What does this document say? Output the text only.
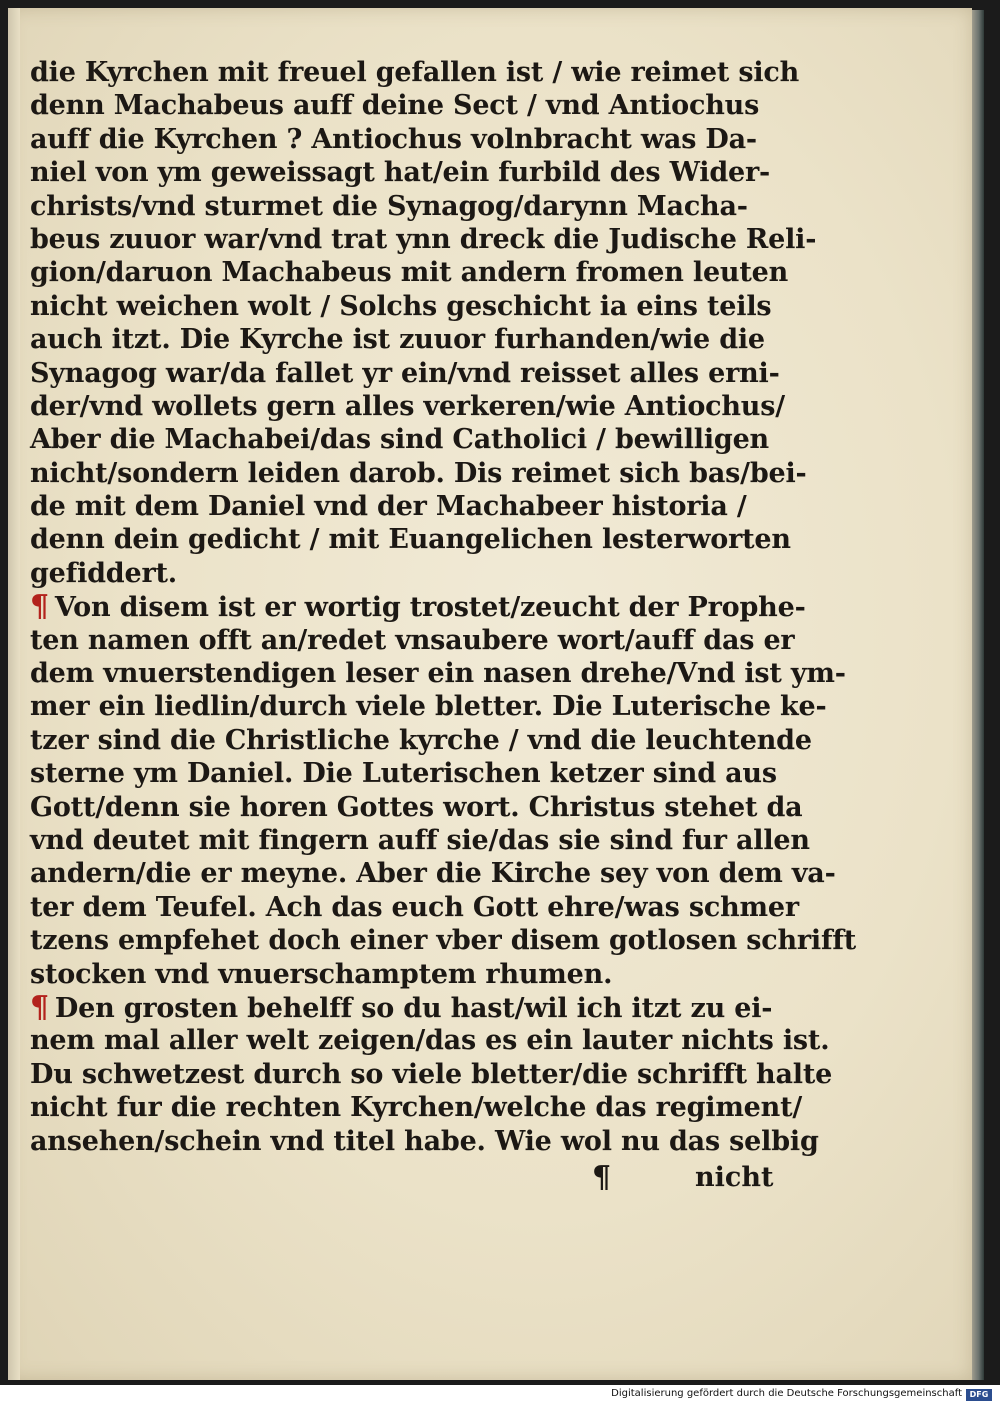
die Kyrchen mit freuel gefallen ist / wie reimet sich
denn Machabeus auff deine Sect / vnd Antiochus
auff die Kyrchen ? Antiochus volnbracht was Da-
niel von ym geweissagt hat/ein furbild des Wider-
christs/vnd sturmet die Synagog/darynn Macha-
beus zuuor war/vnd trat ynn dreck die Judische Reli-
gion/daruon Machabeus mit andern fromen leuten
nicht weichen wolt / Solchs geschicht ia eins teils
auch itzt. Die Kyrche ist zuuor furhanden/wie die
Synagog war/da fallet yr ein/vnd reisset alles erni-
der/vnd wollets gern alles verkeren/wie Antiochus/
Aber die Machabei/das sind Catholici / bewilligen
nicht/sondern leiden darob. Dis reimet sich bas/bei-
de mit dem Daniel vnd der Machabeer historia /
denn dein gedicht / mit Euangelichen lesterworten
gefiddert.
¶ Von disem ist er wortig trostet/zeucht der Prophe-
ten namen offt an/redet vnsaubere wort/auff das er
dem vnuerstendigen leser ein nasen drehe/Vnd ist ym-
mer ein liedlin/durch viele bletter. Die Luterische ke-
tzer sind die Christliche kyrche / vnd die leuchtende
sterne ym Daniel. Die Luterischen ketzer sind aus
Gott/denn sie horen Gottes wort. Christus stehet da
vnd deutet mit fingern auff sie/das sie sind fur allen
andern/die er meyne. Aber die Kirche sey von dem va-
ter dem Teufel. Ach das euch Gott ehre/was schmer
tzens empfehet doch einer vber disem gotlosen schrifft
stocken vnd vnuerschamptem rhumen.
¶ Den grosten behelff so du hast/wil ich itzt zu ei-
nem mal aller welt zeigen/das es ein lauter nichts ist.
Du schwetzest durch so viele bletter/die schrifft halte
nicht fur die rechten Kyrchen/welche das regiment/
ansehen/schein vnd titel habe. Wie wol nu das selbig
¶	nicht
Digitalisierung gefördert durch die Deutsche Forschungsgemeinschaft DFG
